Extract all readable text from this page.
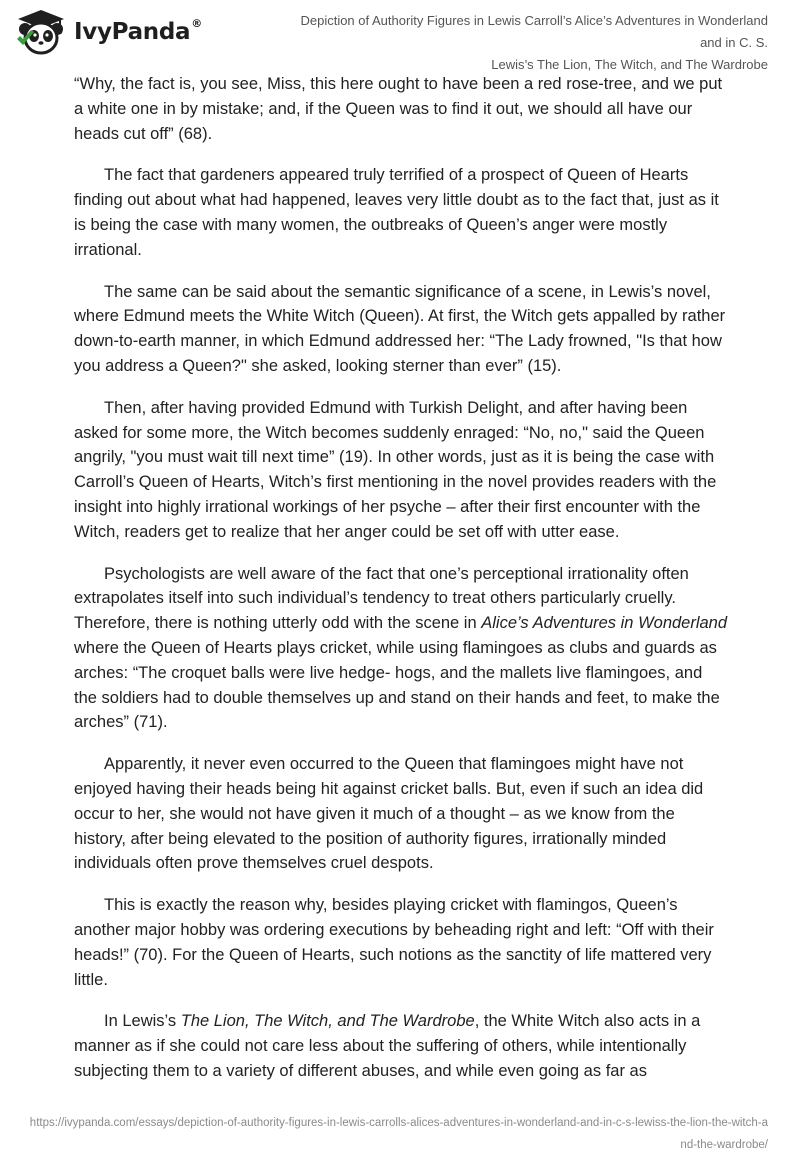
IvyPanda®	Depiction of Authority Figures in Lewis Carroll’s Alice’s Adventures in Wonderland and in C. S.
Lewis’s The Lion, The Witch, and The Wardrobe

“Why, the fact is, you see, Miss, this here ought to have been a red rose-tree, and we put a white one in by mistake; and, if the Queen was to find it out, we should all have our heads cut off” (68).

The fact that gardeners appeared truly terrified of a prospect of Queen of Hearts finding out about what had happened, leaves very little doubt as to the fact that, just as it is being the case with many women, the outbreaks of Queen’s anger were mostly irrational.

The same can be said about the semantic significance of a scene, in Lewis’s novel, where Edmund meets the White Witch (Queen). At first, the Witch gets appalled by rather down-to-earth manner, in which Edmund addressed her: “The Lady frowned, "Is that how you address a Queen?" she asked, looking sterner than ever” (15).

Then, after having provided Edmund with Turkish Delight, and after having been asked for some more, the Witch becomes suddenly enraged: “No, no," said the Queen angrily, "you must wait till next time” (19). In other words, just as it is being the case with Carroll’s Queen of Hearts, Witch’s first mentioning in the novel provides readers with the insight into highly irrational workings of her psyche – after their first encounter with the Witch, readers get to realize that her anger could be set off with utter ease.

Psychologists are well aware of the fact that one’s perceptional irrationality often extrapolates itself into such individual’s tendency to treat others particularly cruelly. Therefore, there is nothing utterly odd with the scene in Alice’s Adventures in Wonderland where the Queen of Hearts plays cricket, while using flamingoes as clubs and guards as arches: “The croquet balls were live hedge- hogs, and the mallets live flamingoes, and the soldiers had to double themselves up and stand on their hands and feet, to make the arches” (71).

Apparently, it never even occurred to the Queen that flamingoes might have not enjoyed having their heads being hit against cricket balls. But, even if such an idea did occur to her, she would not have given it much of a thought – as we know from the history, after being elevated to the position of authority figures, irrationally minded individuals often prove themselves cruel despots.

This is exactly the reason why, besides playing cricket with flamingos, Queen’s another major hobby was ordering executions by beheading right and left: “Off with their heads!” (70). For the Queen of Hearts, such notions as the sanctity of life mattered very little.

In Lewis’s The Lion, The Witch, and The Wardrobe, the White Witch also acts in a manner as if she could not care less about the suffering of others, while intentionally subjecting them to a variety of different abuses, and while even going as far as

https://ivypanda.com/essays/depiction-of-authority-figures-in-lewis-carrolls-alices-adventures-in-wonderland-and-in-c-s-lewiss-the-lion-the-witch-and-the-wardrobe/
